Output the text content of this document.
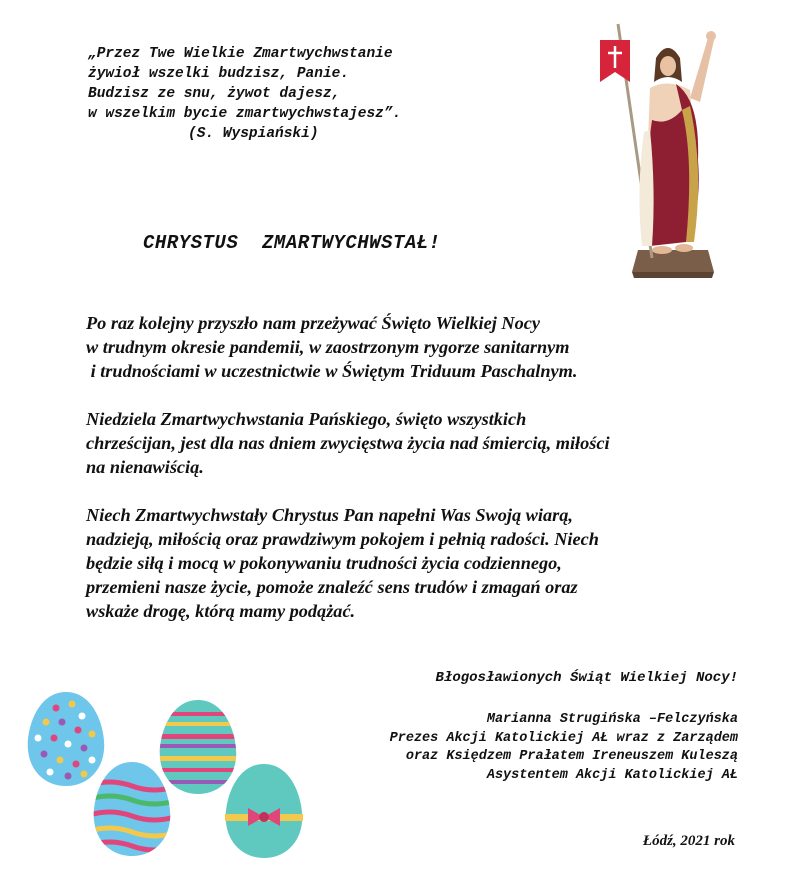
„Przez Twe Wielkie Zmartwychwstanie
żywioł wszelki budzisz, Panie.
Budzisz ze snu, żywot dajesz,
w wszelkim bycie zmartwychwstajesz”.
(S. Wyspiański)
CHRYSTUS  ZMARTWYCHWSTAŁ!

Po raz kolejny przyszło nam przeżywać Święto Wielkiej Nocy
w trudnym okresie pandemii, w zaostrzonym rygorze sanitarnym
i trudnościami w uczestnictwie w Świętym Triduum Paschalnym.

Niedziela Zmartwychwstania Pańskiego, święto wszystkich
chrześcijan, jest dla nas dniem zwycięstwa życia nad śmiercią, miłości
na nienawiścią.

Niech Zmartwychwstały Chrystus Pan napełni Was Swoją wiarą,
nadzieją, miłością oraz prawdziwym pokojem i pełnią radości. Niech
będzie siłą i mocą w pokonywaniu trudności życia codziennego,
przemieni nasze życie, pomoże znaleźć sens trudów i zmagań oraz
wskaże drogę, którą mamy podążać.

Błogosławionych Świąt Wielkiej Nocy!
Marianna Strugińska –Felczyńska
Prezes Akcji Katolickiej AŁ wraz z Zarządem
oraz Księdzem Prałatem Ireneuszem Kuleszą
Asystentem Akcji Katolickiej AŁ
Łódź, 2021 rok
